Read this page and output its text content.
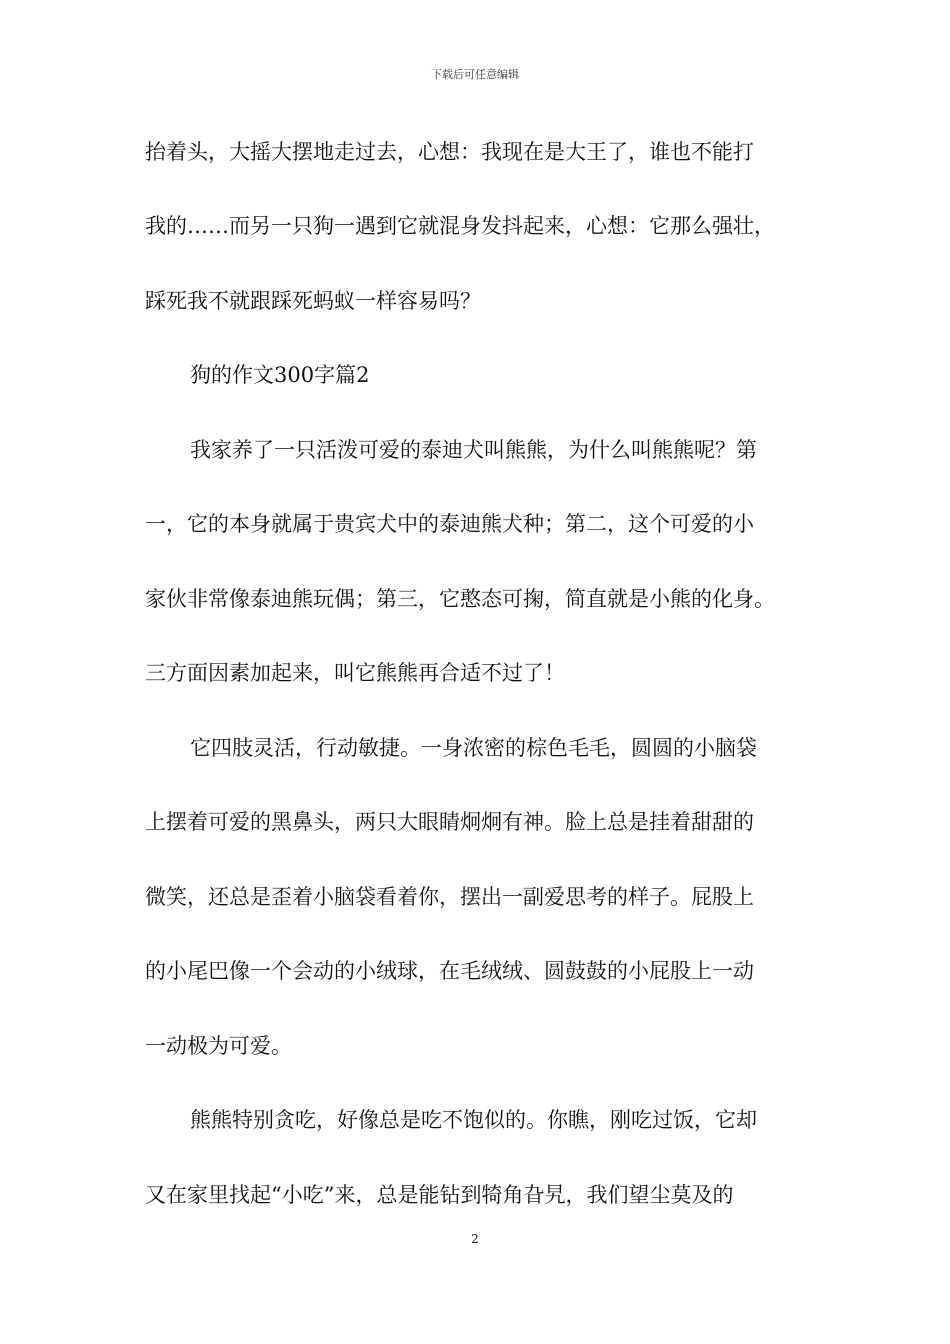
下载后可任意编辑
抬着头，大摇大摆地走过去，心想：我现在是大王了，谁也不能打
我的……而另一只狗一遇到它就混身发抖起来，心想：它那么强壮，
踩死我不就跟踩死蚂蚁一样容易吗？
狗的作文300字篇2
我家养了一只活泼可爱的泰迪犬叫熊熊，为什么叫熊熊呢？第
一，它的本身就属于贵宾犬中的泰迪熊犬种；第二，这个可爱的小
家伙非常像泰迪熊玩偶；第三，它憨态可掬，简直就是小熊的化身。
三方面因素加起来，叫它熊熊再合适不过了！
它四肢灵活，行动敏捷。一身浓密的棕色毛毛，圆圆的小脑袋
上摆着可爱的黑鼻头，两只大眼睛炯炯有神。脸上总是挂着甜甜的
微笑，还总是歪着小脑袋看着你，摆出一副爱思考的样子。屁股上
的小尾巴像一个会动的小绒球，在毛绒绒、圆鼓鼓的小屁股上一动
一动极为可爱。
熊熊特别贪吃，好像总是吃不饱似的。你瞧，刚吃过饭，它却
又在家里找起“小吃”来，总是能钻到犄角旮旯，我们望尘莫及的
2
